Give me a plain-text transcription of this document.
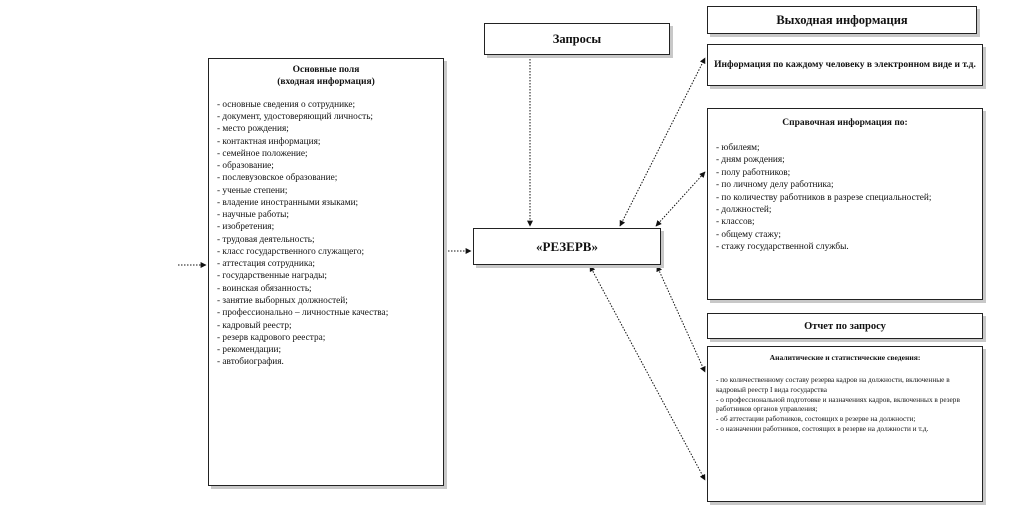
Основные поля
(входная информация)
- основные сведения о сотруднике;
- документ, удостоверяющий личность;
- место рождения;
- контактная информация;
- семейное положение;
- образование;
- послевузовское образование;
- ученые степени;
- владение иностранными языками;
- научные работы;
- изобретения;
- трудовая деятельность;
- класс государственного служащего;
- аттестация сотрудника;
- государственные награды;
- воинская обязанность;
- занятие выборных должностей;
- профессионально – личностные качества;
- кадровый реестр;
- резерв кадрового реестра;
- рекомендации;
- автобиография.
Запросы
«РЕЗЕРВ»
Выходная информация
Информация по каждому человеку в электронном виде и т.д.
Справочная информация по:
- юбилеям;
- дням рождения;
- полу работников;
- по личному делу работника;
- по количеству работников в разрезе специальностей;
- должностей;
- классов;
- общему стажу;
- стажу государственной службы.
Отчет по запросу
Аналитические и статистические сведения:
- по количественному составу резерва кадров на должности, включенные в кадровый реестр I вида государства
- о профессиональной подготовке и назначениях кадров, включенных в резерв работников органов управления;
- об аттестации работников, состоящих в резерве на должности;
- о назначении работников, состоящих в резерве на должности и т.д.
